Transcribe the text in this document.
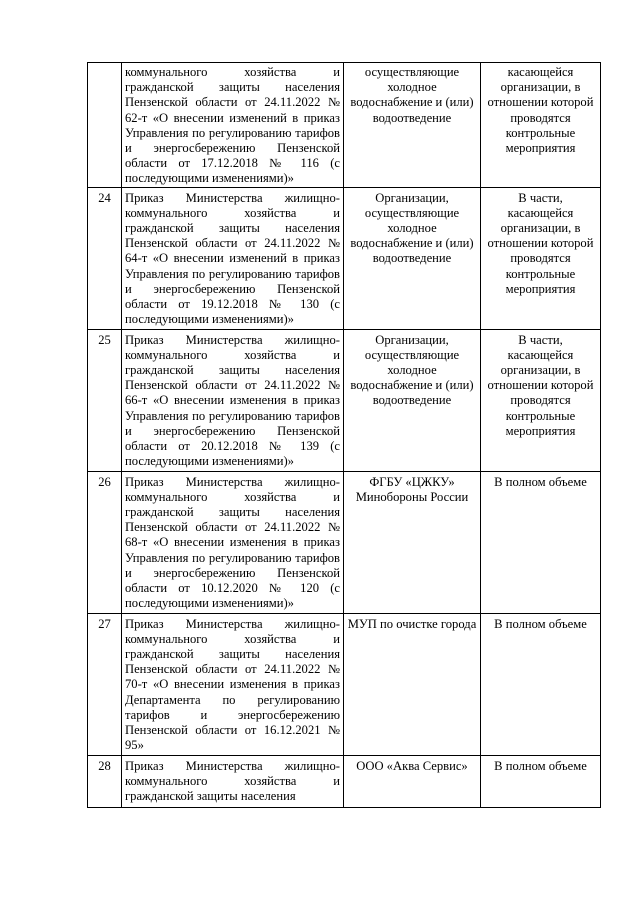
	коммунального хозяйства и гражданской защиты населения Пензенской области от 24.11.2022 № 62-т «О внесении изменений в приказ Управления по регулированию тарифов и энергосбережению Пензенской области от 17.12.2018 № 116 (с последующими изменениями)»	осуществляющие холодное водоснабжение и (или) водоотведение	касающейся организации, в отношении которой проводятся контрольные мероприятия
24	Приказ Министерства жилищно-коммунального хозяйства и гражданской защиты населения Пензенской области от 24.11.2022 № 64-т «О внесении изменений в приказ Управления по регулированию тарифов и энергосбережению Пензенской области от 19.12.2018 № 130 (с последующими изменениями)»	Организации, осуществляющие холодное водоснабжение и (или) водоотведение	В части, касающейся организации, в отношении которой проводятся контрольные мероприятия
25	Приказ Министерства жилищно-коммунального хозяйства и гражданской защиты населения Пензенской области от 24.11.2022 № 66-т «О внесении изменения в приказ Управления по регулированию тарифов и энергосбережению Пензенской области от 20.12.2018 № 139 (с последующими изменениями)»	Организации, осуществляющие холодное водоснабжение и (или) водоотведение	В части, касающейся организации, в отношении которой проводятся контрольные мероприятия
26	Приказ Министерства жилищно-коммунального хозяйства и гражданской защиты населения Пензенской области от 24.11.2022 № 68-т «О внесении изменения в приказ Управления по регулированию тарифов и энергосбережению Пензенской области от 10.12.2020 № 120 (с последующими изменениями)»	ФГБУ «ЦЖКУ» Минобороны России	В полном объеме
27	Приказ Министерства жилищно-коммунального хозяйства и гражданской защиты населения Пензенской области от 24.11.2022 № 70-т «О внесении изменения в приказ Департамента по регулированию тарифов и энергосбережению Пензенской области от 16.12.2021 № 95»	МУП по очистке города	В полном объеме
28	Приказ Министерства жилищно-коммунального хозяйства и гражданской защиты населения	ООО «Аква Сервис»	В полном объеме
